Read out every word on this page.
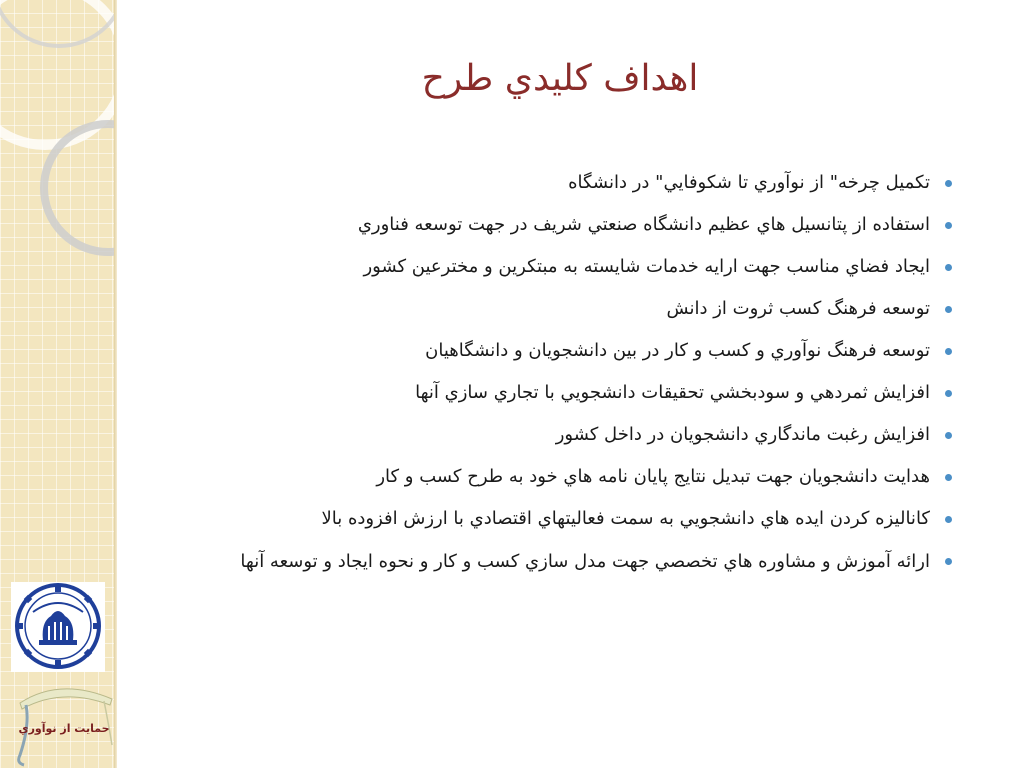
حمايت از نوآوري
اهداف كليدي طرح
تكميل چرخه" از نوآوري تا شكوفايي" در دانشگاه
استفاده از پتانسيل هاي عظيم دانشگاه صنعتي شريف در جهت توسعه فناوري
ايجاد فضاي مناسب جهت ارايه خدمات شايسته به مبتكرين و مخترعين كشور
توسعه فرهنگ كسب ثروت از دانش
توسعه فرهنگ نوآوري و كسب و كار در بين دانشجويان و دانشگاهيان
افزايش ثمردهي و سودبخشي تحقيقات دانشجويي با تجاري سازي آنها
افزايش رغبت ماندگاري دانشجويان در داخل كشور
هدايت دانشجويان جهت تبديل نتايج پايان نامه هاي خود به طرح كسب و كار
كاناليزه كردن ايده هاي دانشجويي به سمت فعاليتهاي اقتصادي با ارزش افزوده بالا
ارائه آموزش و مشاوره هاي تخصصي جهت مدل سازي كسب و كار و نحوه ايجاد و توسعه آنها
